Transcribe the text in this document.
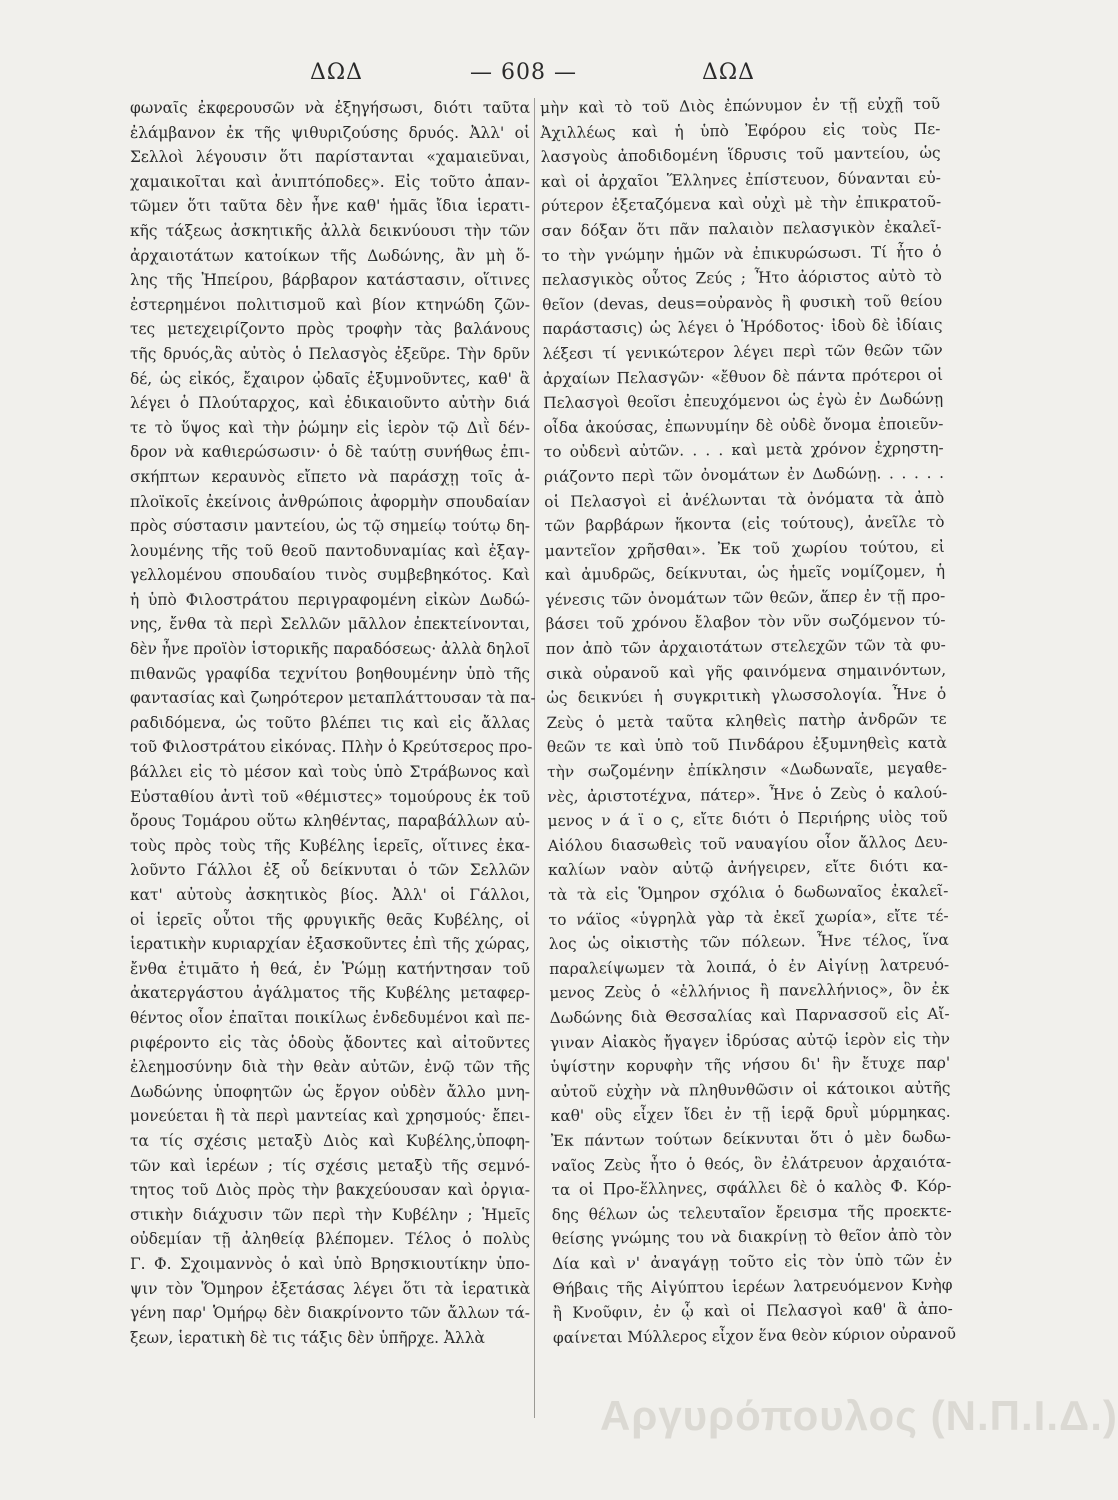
ΔΩΔ	— 608 —	ΔΩΔ
φωναῖς ἐκφερουσῶν νὰ ἐξηγήσωσι, διότι ταῦτα
ἐλάμβανον ἐκ τῆς ψιθυριζούσης δρυός. Ἀλλ' οἱ
Σελλοὶ λέγουσιν ὅτι παρίστανται «χαμαιεῦναι,
χαμαικοῖται καὶ ἀνιπτόποδες». Εἰς τοῦτο ἀπαν-
τῶμεν ὅτι ταῦτα δὲν ἦνε καθ' ἡμᾶς ἴδια ἱερατι-
κῆς τάξεως ἀσκητικῆς ἀλλὰ δεικνύουσι τὴν τῶν
ἀρχαιοτάτων κατοίκων τῆς Δωδώνης, ἂν μὴ ὅ-
λης τῆς Ἠπείρου, βάρβαρον κατάστασιν, οἵτινες
ἐστερημένοι πολιτισμοῦ καὶ βίον κτηνώδη ζῶν-
τες μετεχειρίζοντο πρὸς τροφὴν τὰς βαλάνους
τῆς δρυός,ἃς αὐτὸς ὁ Πελασγὸς ἐξεῦρε. Τὴν δρῦν
δέ, ὡς εἰκός, ἔχαιρον ᾠδαῖς ἐξυμνοῦντες, καθ' ἃ
λέγει ὁ Πλούταρχος, καὶ ἐδικαιοῦντο αὐτὴν διά
τε τὸ ὕψος καὶ τὴν ῥώμην εἰς ἱερὸν τῷ Διῒ δέν-
δρον νὰ καθιερώσωσιν· ὁ δὲ ταύτῃ συνήθως ἐπι-
σκήπτων κεραυνὸς εἴπετο νὰ παράσχῃ τοῖς ἁ-
πλοϊκοῖς ἐκείνοις ἀνθρώποις ἀφορμὴν σπουδαίαν
πρὸς σύστασιν μαντείου, ὡς τῷ σημείῳ τούτῳ δη-
λουμένης τῆς τοῦ θεοῦ παντοδυναμίας καὶ ἐξαγ-
γελλομένου σπουδαίου τινὸς συμβεβηκότος. Καὶ
ἡ ὑπὸ Φιλοστράτου περιγραφομένη εἰκὼν Δωδώ-
νης, ἔνθα τὰ περὶ Σελλῶν μᾶλλον ἐπεκτείνονται,
δὲν ἦνε προϊὸν ἱστορικῆς παραδόσεως· ἀλλὰ δηλοῖ
πιθανῶς γραφίδα τεχνίτου βοηθουμένην ὑπὸ τῆς
φαντασίας καὶ ζωηρότερον μεταπλάττουσαν τὰ πα-
ραδιδόμενα, ὡς τοῦτο βλέπει τις καὶ εἰς ἄλλας
τοῦ Φιλοστράτου εἰκόνας. Πλὴν ὁ Κρεύτσερος προ-
βάλλει εἰς τὸ μέσον καὶ τοὺς ὑπὸ Στράβωνος καὶ
Εὐσταθίου ἀντὶ τοῦ «θέμιστες» τομούρους ἐκ τοῦ
ὄρους Τομάρου οὕτω κληθέντας, παραβάλλων αὐ-
τοὺς πρὸς τοὺς τῆς Κυβέλης ἱερεῖς, οἵτινες ἐκα-
λοῦντο Γάλλοι ἐξ οὗ δείκνυται ὁ τῶν Σελλῶν
κατ' αὐτοὺς ἀσκητικὸς βίος. Ἀλλ' οἱ Γάλλοι,
οἱ ἱερεῖς οὗτοι τῆς φρυγικῆς θεᾶς Κυβέλης, οἱ
ἱερατικὴν κυριαρχίαν ἐξασκοῦντες ἐπὶ τῆς χώρας,
ἔνθα ἐτιμᾶτο ἡ θεά, ἐν Ῥώμῃ κατήντησαν τοῦ
ἀκατεργάστου ἀγάλματος τῆς Κυβέλης μεταφερ-
θέντος οἷον ἐπαῖται ποικίλως ἐνδεδυμένοι καὶ πε-
ριφέροντο εἰς τὰς ὁδοὺς ᾄδοντες καὶ αἰτοῦντες
ἐλεημοσύνην διὰ τὴν θεὰν αὐτῶν, ἐνῷ τῶν τῆς
Δωδώνης ὑποφητῶν ὡς ἔργον οὐδὲν ἄλλο μνη-
μονεύεται ἢ τὰ περὶ μαντείας καὶ χρησμούς· ἔπει-
τα τίς σχέσις μεταξὺ Διὸς καὶ Κυβέλης,ὑποφη-
τῶν καὶ ἱερέων ; τίς σχέσις μεταξὺ τῆς σεμνό-
τητος τοῦ Διὸς πρὸς τὴν βακχεύουσαν καὶ ὀργια-
στικὴν διάχυσιν τῶν περὶ τὴν Κυβέλην ; Ἡμεῖς
οὐδεμίαν τῇ ἀληθείᾳ βλέπομεν. Τέλος ὁ πολὺς
Γ. Φ. Σχοιμαννὸς ὁ καὶ ὑπὸ Βρησκιουτίκην ὑπο-
ψιν τὸν Ὅμηρον ἐξετάσας λέγει ὅτι τὰ ἱερατικὰ
γένη παρ' Ὁμήρῳ δὲν διακρίνοντο τῶν ἄλλων τά-
ξεων, ἱερατικὴ δὲ τις τάξις δὲν ὑπῆρχε. Ἀλλὰ
μὴν καὶ τὸ τοῦ Διὸς ἐπώνυμον ἐν τῇ εὐχῇ τοῦ
Ἀχιλλέως καὶ ἡ ὑπὸ Ἐφόρου εἰς τοὺς Πε-
λασγοὺς ἀποδιδομένη ἵδρυσις τοῦ μαντείου, ὡς
καὶ οἱ ἀρχαῖοι Ἕλληνες ἐπίστευον, δύνανται εὐ-
ρύτερον ἐξεταζόμενα καὶ οὐχὶ μὲ τὴν ἐπικρατοῦ-
σαν δόξαν ὅτι πᾶν παλαιὸν πελασγικὸν ἐκαλεῖ-
το τὴν γνώμην ἡμῶν νὰ ἐπικυρώσωσι. Τί ἦτο ὁ
πελασγικὸς οὗτος Ζεύς ; Ἦτο ἀόριστος αὐτὸ τὸ
θεῖον (devas, deus=οὐρανὸς ἢ φυσικὴ τοῦ θείου
παράστασις) ὡς λέγει ὁ Ἡρόδοτος· ἰδοὺ δὲ ἰδίαις
λέξεσι τί γενικώτερον λέγει περὶ τῶν θεῶν τῶν
ἀρχαίων Πελασγῶν· «ἔθυον δὲ πάντα πρότεροι οἱ
Πελασγοὶ θεοῖσι ἐπευχόμενοι ὡς ἐγὼ ἐν Δωδώνῃ
οἶδα ἀκούσας, ἐπωνυμίην δὲ οὐδὲ ὄνομα ἐποιεῦν-
το οὐδενὶ αὐτῶν. . . . καὶ μετὰ χρόνον ἐχρηστη-
ριάζοντο περὶ τῶν ὀνομάτων ἐν Δωδώνῃ. . . . . .
οἱ Πελασγοὶ εἰ ἀνέλωνται τὰ ὀνόματα τὰ ἀπὸ
τῶν βαρβάρων ἥκοντα (εἰς τούτους), ἀνεῖλε τὸ
μαντεῖον χρῆσθαι». Ἐκ τοῦ χωρίου τούτου, εἰ
καὶ ἀμυδρῶς, δείκνυται, ὡς ἡμεῖς νομίζομεν, ἡ
γένεσις τῶν ὀνομάτων τῶν θεῶν, ἅπερ ἐν τῇ προ-
βάσει τοῦ χρόνου ἔλαβον τὸν νῦν σωζόμενον τύ-
πον ἀπὸ τῶν ἀρχαιοτάτων στελεχῶν τῶν τὰ φυ-
σικὰ οὐρανοῦ καὶ γῆς φαινόμενα σημαινόντων,
ὡς δεικνύει ἡ συγκριτικὴ γλωσσολογία. Ἦνε ὁ
Ζεὺς ὁ μετὰ ταῦτα κληθεὶς πατὴρ ἀνδρῶν τε
θεῶν τε καὶ ὑπὸ τοῦ Πινδάρου ἐξυμνηθεὶς κατὰ
τὴν σωζομένην ἐπίκλησιν «Δωδωναῖε, μεγαθε-
νὲς, ἀριστοτέχνα, πάτερ». Ἦνε ὁ Ζεὺς ὁ καλού-
μενος ν ά ϊ ο ς, εἴτε διότι ὁ Περιήρης υἱὸς τοῦ
Αἰόλου διασωθεὶς τοῦ ναυαγίου οἶον ἄλλος Δευ-
καλίων ναὸν αὐτῷ ἀνήγειρεν, εἴτε διότι κα-
τὰ τὰ εἰς Ὅμηρον σχόλια ὁ δωδωναῖος ἐκαλεῖ-
το νάϊος «ὑγρηλὰ γὰρ τὰ ἐκεῖ χωρία», εἴτε τέ-
λος ὡς οἰκιστὴς τῶν πόλεων. Ἦνε τέλος, ἵνα
παραλείψωμεν τὰ λοιπά, ὁ ἐν Αἰγίνῃ λατρευό-
μενος Ζεὺς ὁ «ἑλλήνιος ἢ πανελλήνιος», ὃν ἐκ
Δωδώνης διὰ Θεσσαλίας καὶ Παρνασσοῦ εἰς Αἴ-
γιναν Αἰακὸς ἤγαγεν ἱδρύσας αὐτῷ ἱερὸν εἰς τὴν
ὑψίστην κορυφὴν τῆς νήσου δι' ἣν ἔτυχε παρ'
αὐτοῦ εὐχὴν νὰ πληθυνθῶσιν οἱ κάτοικοι αὐτῆς
καθ' οὓς εἶχεν ἴδει ἐν τῇ ἱερᾷ δρυῒ μύρμηκας.
Ἐκ πάντων τούτων δείκνυται ὅτι ὁ μὲν δωδω-
ναῖος Ζεὺς ἦτο ὁ θεός, ὃν ἐλάτρευον ἀρχαιότα-
τα οἱ Προ-ἕλληνες, σφάλλει δὲ ὁ καλὸς Φ. Κόρ-
δης θέλων ὡς τελευταῖον ἔρεισμα τῆς προεκτε-
θείσης γνώμης του νὰ διακρίνῃ τὸ θεῖον ἀπὸ τὸν
Δία καὶ ν' ἀναγάγῃ τοῦτο εἰς τὸν ὑπὸ τῶν ἐν
Θήβαις τῆς Αἰγύπτου ἱερέων λατρευόμενον Κνὴφ
ἢ Κνοῦφιν, ἐν ᾧ καὶ οἱ Πελασγοὶ καθ' ἃ ἀπο-
φαίνεται Μύλλερος εἶχον ἕνα θεὸν κύριον οὐρανοῦ
Αργυρόπουλος (Ν.Π.Ι.Δ.)
